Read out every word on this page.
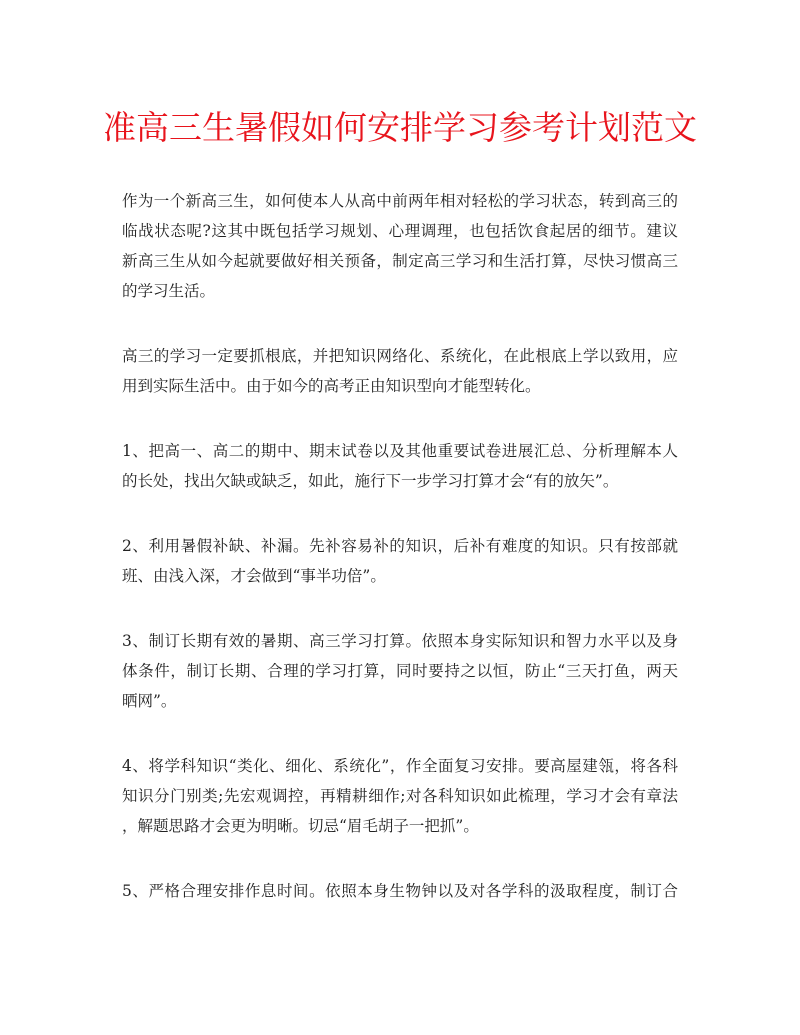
准高三生暑假如何安排学习参考计划范文

作为一个新高三生，如何使本人从高中前两年相对轻松的学习状态，转到高三的
临战状态呢?这其中既包括学习规划、心理调理，也包括饮食起居的细节。建议
新高三生从如今起就要做好相关预备，制定高三学习和生活打算，尽快习惯高三
的学习生活。

高三的学习一定要抓根底，并把知识网络化、系统化，在此根底上学以致用，应
用到实际生活中。由于如今的高考正由知识型向才能型转化。

1、把高一、高二的期中、期末试卷以及其他重要试卷进展汇总、分析理解本人
的长处，找出欠缺或缺乏，如此，施行下一步学习打算才会“有的放矢”。

2、利用暑假补缺、补漏。先补容易补的知识，后补有难度的知识。只有按部就
班、由浅入深，才会做到“事半功倍”。

3、制订长期有效的暑期、高三学习打算。依照本身实际知识和智力水平以及身
体条件，制订长期、合理的学习打算，同时要持之以恒，防止“三天打鱼，两天
晒网”。

4、将学科知识“类化、细化、系统化”，作全面复习安排。要高屋建瓴，将各科
知识分门别类;先宏观调控，再精耕细作;对各科知识如此梳理，学习才会有章法
，解题思路才会更为明晰。切忌“眉毛胡子一把抓”。

5、严格合理安排作息时间。依照本身生物钟以及对各学科的汲取程度，制订合
